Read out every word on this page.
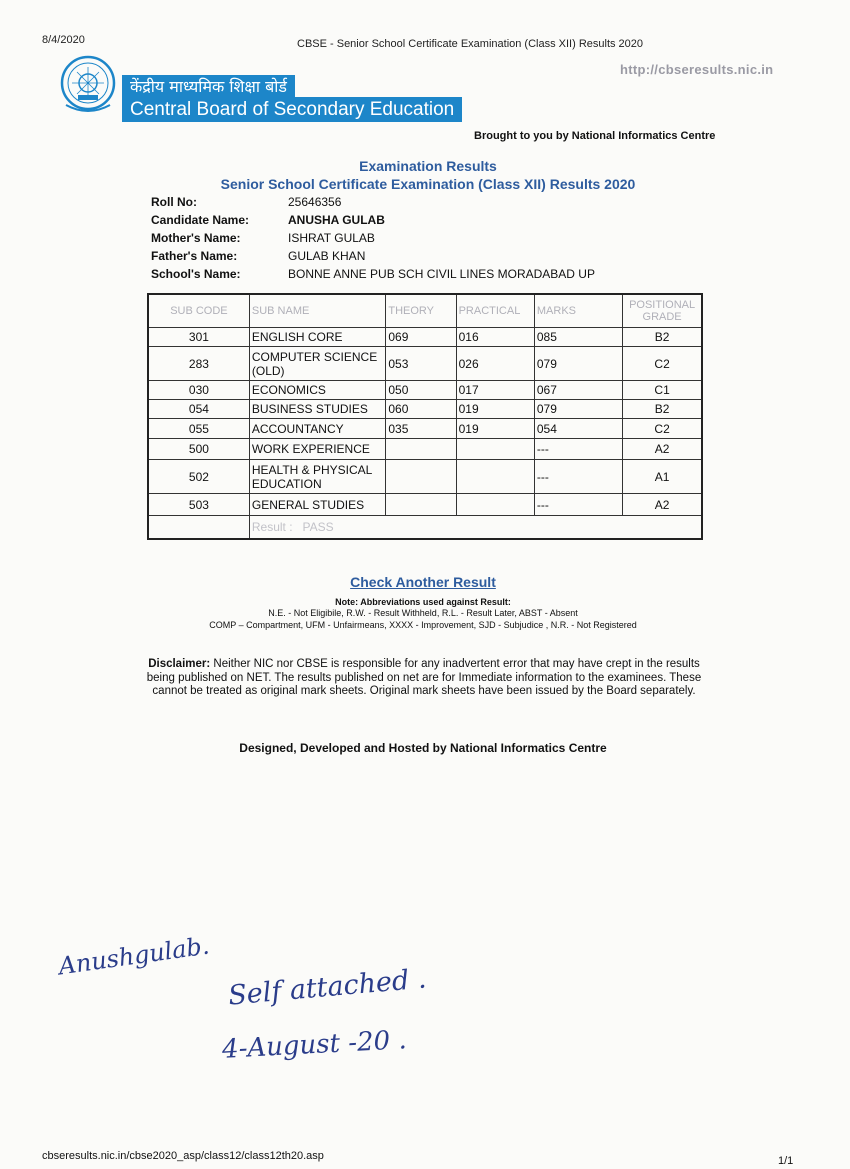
8/4/2020	CBSE - Senior School Certificate Examination (Class XII) Results 2020
http://cbseresults.nic.in
केंद्रीय माध्यमिक शिक्षा बोर्ड
Central Board of Secondary Education
Brought to you by National Informatics Centre
Examination Results
Senior School Certificate Examination (Class XII) Results 2020
Roll No:	25646356
Candidate Name:	ANUSHA GULAB
Mother's Name:	ISHRAT GULAB
Father's Name:	GULAB KHAN
School's Name:	BONNE ANNE PUB SCH CIVIL LINES MORADABAD UP
SUB CODE	SUB NAME	THEORY	PRACTICAL	MARKS	POSITIONAL GRADE
301	ENGLISH CORE	069	016	085	B2
283	COMPUTER SCIENCE (OLD)	053	026	079	C2
030	ECONOMICS	050	017	067	C1
054	BUSINESS STUDIES	060	019	079	B2
055	ACCOUNTANCY	035	019	054	C2
500	WORK EXPERIENCE			---	A2
502	HEALTH & PHYSICAL EDUCATION			---	A1
503	GENERAL STUDIES			---	A2
	Result :   PASS				
Check Another Result
Note: Abbreviations used against Result:
N.E. - Not Eligibile, R.W. - Result Withheld, R.L. - Result Later, ABST - Absent
COMP – Compartment, UFM - Unfairmeans, XXXX - Improvement, SJD - Subjudice , N.R. - Not Registered
Disclaimer: Neither NIC nor CBSE is responsible for any inadvertent error that may have crept in the results being published on NET. The results published on net are for Immediate information to the examinees. These cannot be treated as original mark sheets. Original mark sheets have been issued by the Board separately.
Designed, Developed and Hosted by National Informatics Centre
Anushgulab.
Self attached .
4-August -20 .
cbseresults.nic.in/cbse2020_asp/class12/class12th20.asp	1/1
